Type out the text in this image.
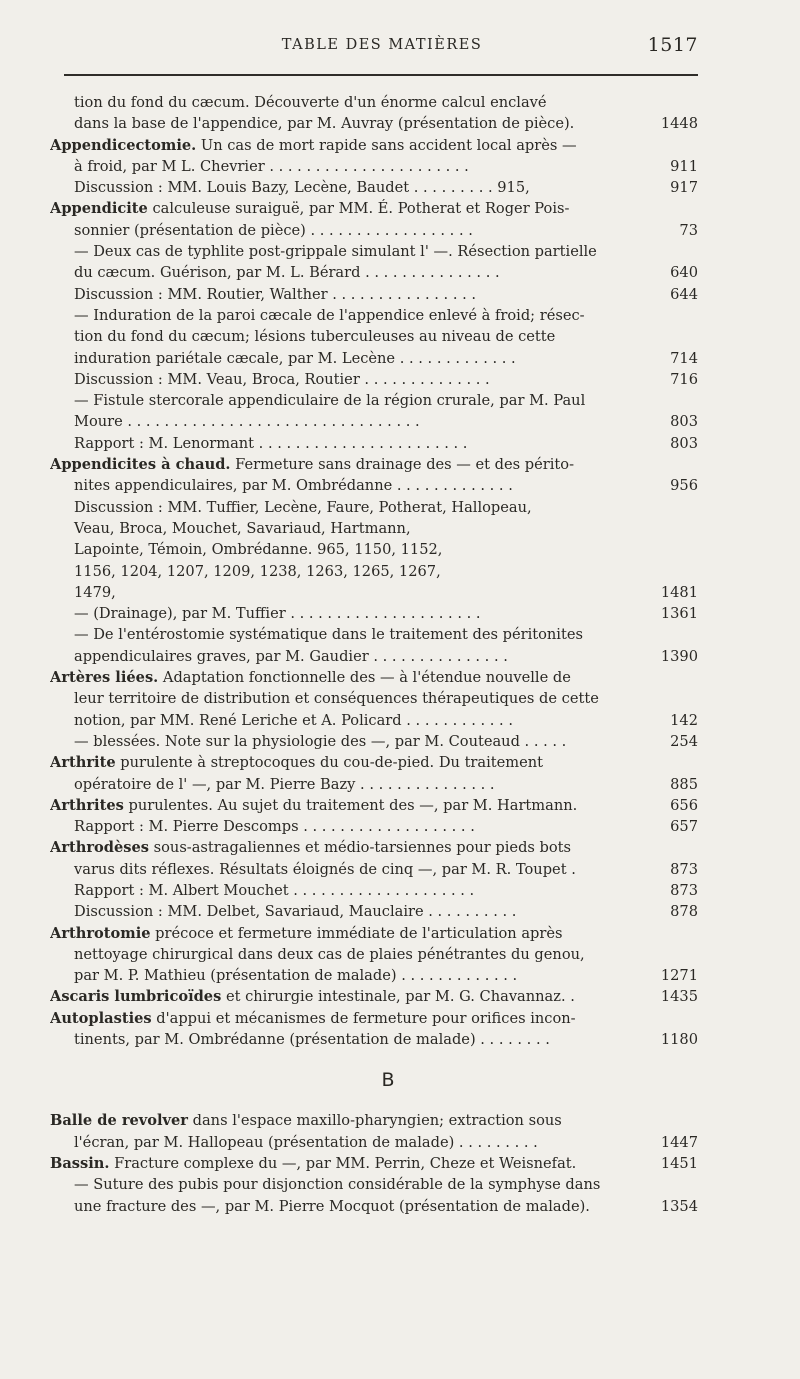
TABLE DES MATIÈRES	1517
tion du fond du cæcum. Découverte d'un énorme calcul enclavé
dans la base de l'appendice, par M. Auvray (présentation de pièce).	1448
Appendicectomie. Un cas de mort rapide sans accident local après —
à froid, par M L. Chevrier . . . . . . . . . . . . . . . . . . . . . .	911
Discussion : MM. Louis Bazy, Lecène, Baudet . . . . . . . . . 915,	917
Appendicite calculeuse suraiguë, par MM. É. Potherat et Roger Pois-
sonnier (présentation de pièce) . . . . . . . . . . . . . . . . . .	73
— Deux cas de typhlite post-grippale simulant l' —. Résection partielle
du cæcum. Guérison, par M. L. Bérard . . . . . . . . . . . . . . .	640
Discussion : MM. Routier, Walther . . . . . . . . . . . . . . . .	644
— Induration de la paroi cæcale de l'appendice enlevé à froid; résec-
tion du fond du cæcum; lésions tuberculeuses au niveau de cette
induration pariétale cæcale, par M. Lecène . . . . . . . . . . . . .	714
Discussion : MM. Veau, Broca, Routier . . . . . . . . . . . . . .	716
— Fistule stercorale appendiculaire de la région crurale, par M. Paul
Moure . . . . . . . . . . . . . . . . . . . . . . . . . . . . . . . .	803
Rapport : M. Lenormant . . . . . . . . . . . . . . . . . . . . . . .	803
Appendicites à chaud. Fermeture sans drainage des — et des périto-
nites appendiculaires, par M. Ombrédanne . . . . . . . . . . . . .	956
Discussion : MM. Tuffier, Lecène, Faure, Potherat, Hallopeau,
Veau, Broca, Mouchet, Savariaud, Hartmann,
Lapointe, Témoin, Ombrédanne. 965, 1150, 1152,
1156, 1204, 1207, 1209, 1238, 1263, 1265, 1267,
1479,	1481
— (Drainage), par M. Tuffier . . . . . . . . . . . . . . . . . . . . .	1361
— De l'entérostomie systématique dans le traitement des péritonites
appendiculaires graves, par M. Gaudier . . . . . . . . . . . . . . .	1390
Artères liées. Adaptation fonctionnelle des — à l'étendue nouvelle de
leur territoire de distribution et conséquences thérapeutiques de cette
notion, par MM. René Leriche et A. Policard . . . . . . . . . . . .	142
— blessées. Note sur la physiologie des —, par M. Couteaud . . . . .	254
Arthrite purulente à streptocoques du cou-de-pied. Du traitement
opératoire de l' —, par M. Pierre Bazy . . . . . . . . . . . . . . .	885
Arthrites purulentes. Au sujet du traitement des —, par M. Hartmann.	656
Rapport : M. Pierre Descomps . . . . . . . . . . . . . . . . . . .	657
Arthrodèses sous-astragaliennes et médio-tarsiennes pour pieds bots
varus dits réflexes. Résultats éloignés de cinq —, par M. R. Toupet .	873
Rapport : M. Albert Mouchet . . . . . . . . . . . . . . . . . . . .	873
Discussion : MM. Delbet, Savariaud, Mauclaire . . . . . . . . . .	878
Arthrotomie précoce et fermeture immédiate de l'articulation après
nettoyage chirurgical dans deux cas de plaies pénétrantes du genou,
par M. P. Mathieu (présentation de malade) . . . . . . . . . . . . .	1271
Ascaris lumbricoïdes et chirurgie intestinale, par M. G. Chavannaz. .	1435
Autoplasties d'appui et mécanismes de fermeture pour orifices incon-
tinents, par M. Ombrédanne (présentation de malade) . . . . . . . .	1180
B
Balle de revolver dans l'espace maxillo-pharyngien; extraction sous
l'écran, par M. Hallopeau (présentation de malade) . . . . . . . . .	1447
Bassin. Fracture complexe du —, par MM. Perrin, Cheze et Weisnefat.	1451
— Suture des pubis pour disjonction considérable de la symphyse dans
une fracture des —, par M. Pierre Mocquot (présentation de malade).	1354
